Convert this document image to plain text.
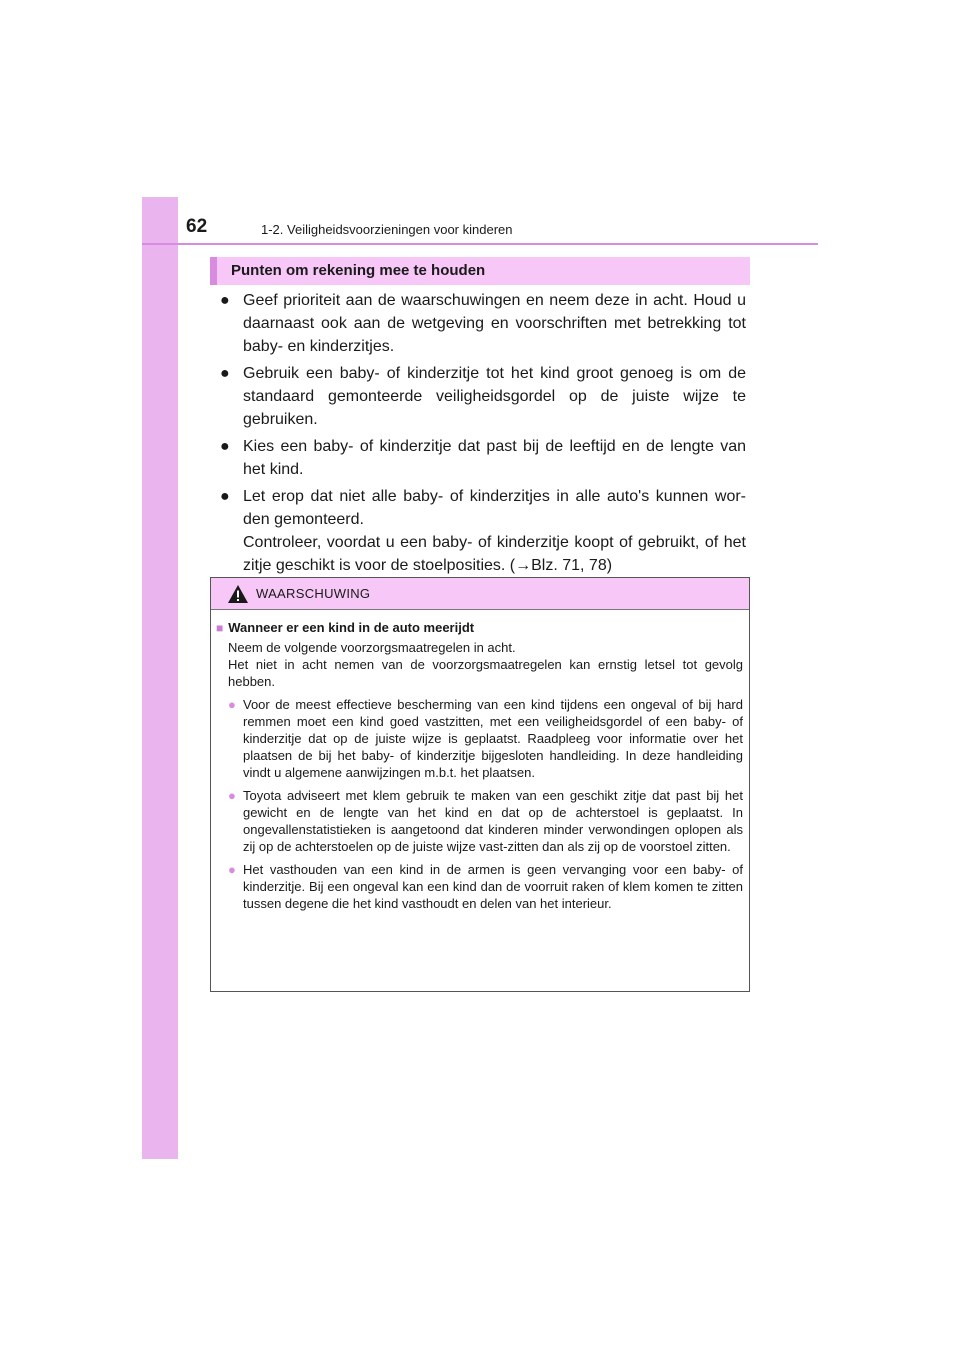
62	1-2. Veiligheidsvoorzieningen voor kinderen
Punten om rekening mee te houden
● Geef prioriteit aan de waarschuwingen en neem deze in acht. Houd u daarnaast ook aan de wetgeving en voorschriften met betrekking tot baby- en kinderzitjes.

● Gebruik een baby- of kinderzitje tot het kind groot genoeg is om de standaard gemonteerde veiligheidsgordel op de juiste wijze te gebruiken.

● Kies een baby- of kinderzitje dat past bij de leeftijd en de lengte van het kind.

● Let erop dat niet alle baby- of kinderzitjes in alle auto's kunnen wor-den gemonteerd.

Controleer, voordat u een baby- of kinderzitje koopt of gebruikt, of het zitje geschikt is voor de stoelposities. (→Blz. 71, 78)

WAARSCHUWING
■ Wanneer er een kind in de auto meerijdt

Neem de volgende voorzorgsmaatregelen in acht.
Het niet in acht nemen van de voorzorgsmaatregelen kan ernstig letsel tot gevolg hebben.

● Voor de meest effectieve bescherming van een kind tijdens een ongeval of bij hard remmen moet een kind goed vastzitten, met een veiligheidsgordel of een baby- of kinderzitje dat op de juiste wijze is geplaatst. Raadpleeg voor informatie over het plaatsen de bij het baby- of kinderzitje bijgesloten handleiding. In deze handleiding vindt u algemene aanwijzingen m.b.t. het plaatsen.
● Toyota adviseert met klem gebruik te maken van een geschikt zitje dat past bij het gewicht en de lengte van het kind en dat op de achterstoel is geplaatst. In ongevallenstatistieken is aangetoond dat kinderen minder verwondingen oplopen als zij op de achterstoelen op de juiste wijze vast-zitten dan als zij op de voorstoel zitten.
● Het vasthouden van een kind in de armen is geen vervanging voor een baby- of kinderzitje. Bij een ongeval kan een kind dan de voorruit raken of klem komen te zitten tussen degene die het kind vasthoudt en delen van het interieur.
